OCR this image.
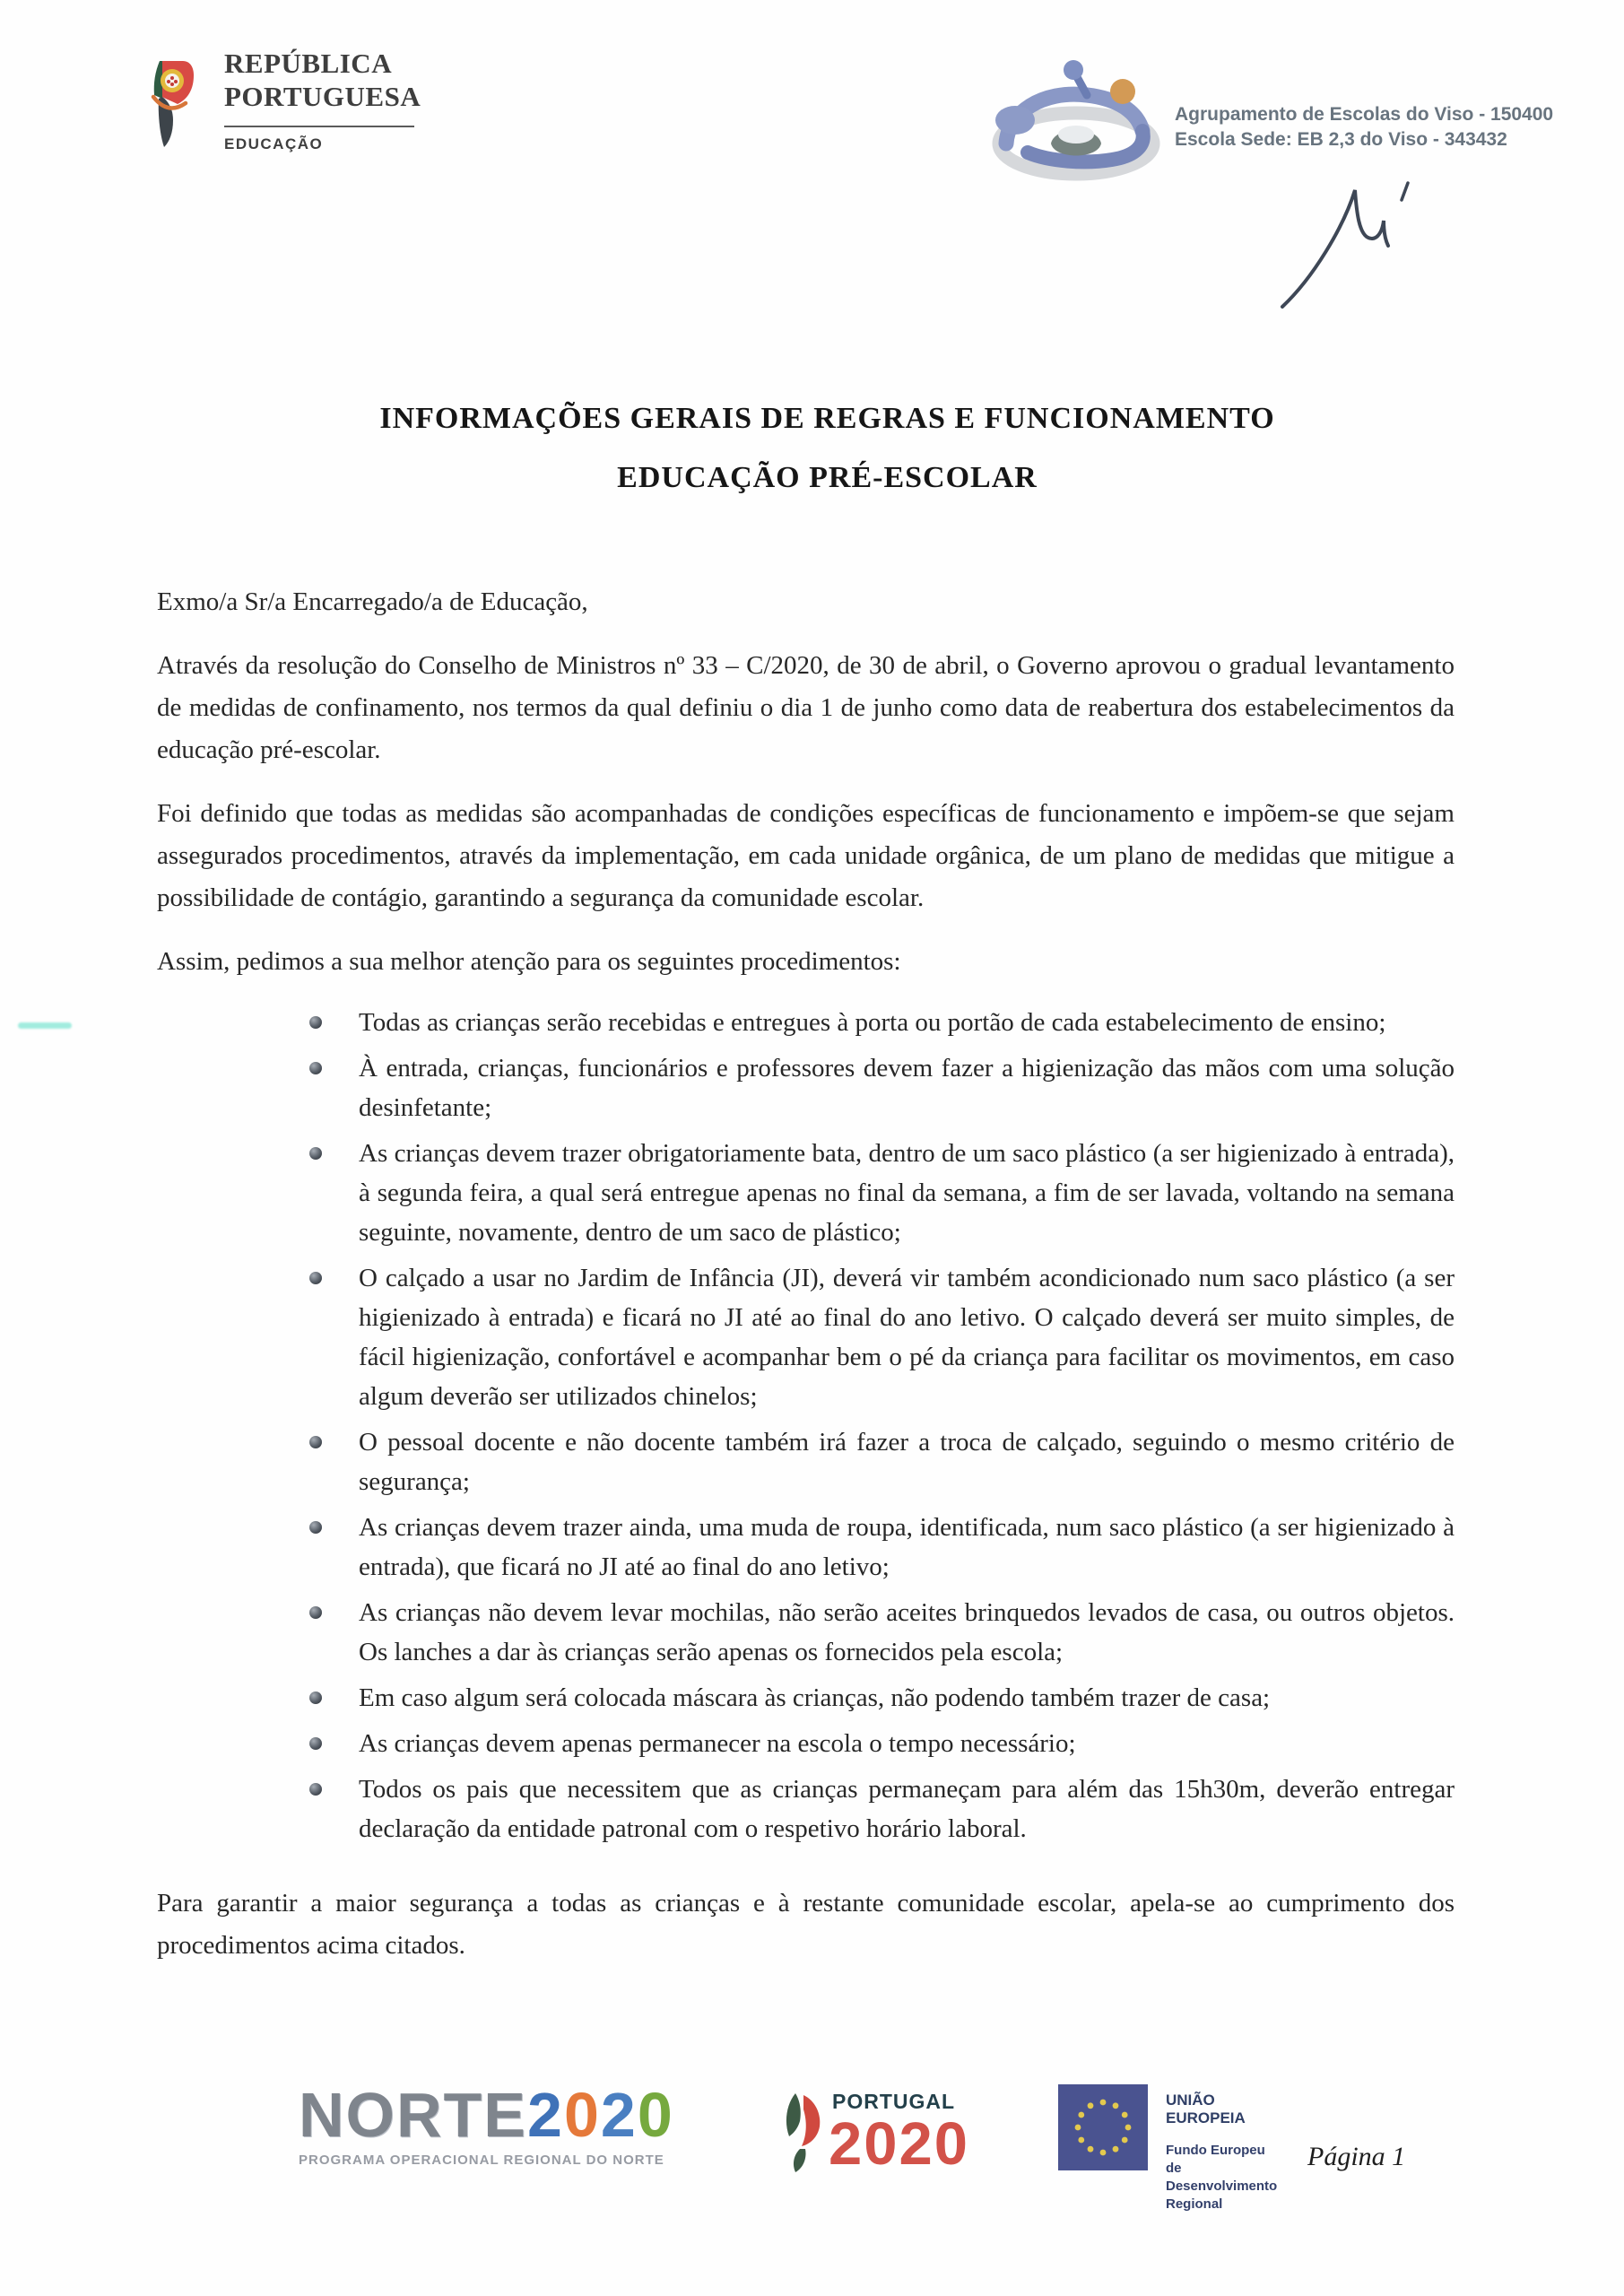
REPÚBLICA
PORTUGUESA
EDUCAÇÃO
Agrupamento de Escolas do Viso - 150400
Escola Sede: EB 2,3 do Viso - 343432
INFORMAÇÕES GERAIS DE REGRAS E FUNCIONAMENTO
EDUCAÇÃO PRÉ-ESCOLAR

Exmo/a Sr/a Encarregado/a de Educação,

Através da resolução do Conselho de Ministros nº 33 – C/2020, de 30 de abril, o Governo aprovou o gradual levantamento de medidas de confinamento, nos termos da qual definiu o dia 1 de junho como data de reabertura dos estabelecimentos da educação pré-escolar.

Foi definido que todas as medidas são acompanhadas de condições específicas de funcionamento e impõem-se que sejam assegurados procedimentos, através da implementação, em cada unidade orgânica, de um plano de medidas que mitigue a possibilidade de contágio, garantindo a segurança da comunidade escolar.

Assim, pedimos a sua melhor atenção para os seguintes procedimentos:

Todas as crianças serão recebidas e entregues à porta ou portão de cada estabelecimento de ensino;
À entrada, crianças, funcionários e professores devem fazer a higienização das mãos com uma solução desinfetante;
As crianças devem trazer obrigatoriamente bata, dentro de um saco plástico (a ser higienizado à entrada), à segunda feira, a qual será entregue apenas no final da semana, a fim de ser lavada, voltando na semana seguinte, novamente, dentro de um saco de plástico;
O calçado a usar no Jardim de Infância (JI), deverá vir também acondicionado num saco plástico (a ser higienizado à entrada) e ficará no JI até ao final do ano letivo. O calçado deverá ser muito simples, de fácil higienização, confortável e acompanhar bem o pé da criança para facilitar os movimentos, em caso algum deverão ser utilizados chinelos;
O pessoal docente e não docente também irá fazer a troca de calçado, seguindo o mesmo critério de segurança;
As crianças devem trazer ainda, uma muda de roupa, identificada, num saco plástico (a ser higienizado à entrada), que ficará no JI até ao final do ano letivo;
As crianças não devem levar mochilas, não serão aceites brinquedos levados de casa, ou outros objetos. Os lanches a dar às crianças serão apenas os fornecidos pela escola;
Em caso algum será colocada máscara às crianças, não podendo também trazer de casa;
As crianças devem apenas permanecer na escola o tempo necessário;
Todos os pais que necessitem que as crianças permaneçam para além das 15h30m, deverão entregar declaração da entidade patronal com o respetivo horário laboral.

Para garantir a maior segurança a todas as crianças e à restante comunidade escolar, apela-se ao cumprimento dos procedimentos acima citados.

NORTE2020
PROGRAMA OPERACIONAL REGIONAL DO NORTE
PORTUGAL
2020
UNIÃO EUROPEIA
Fundo Europeu
de Desenvolvimento Regional
Página 1
